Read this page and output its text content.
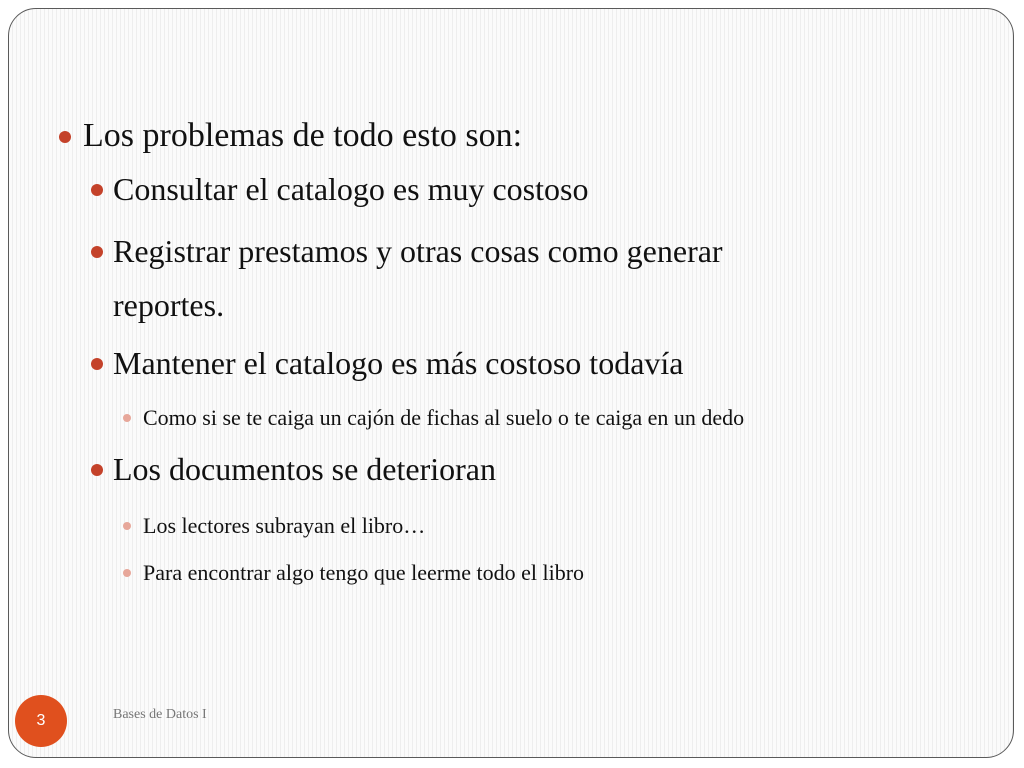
Los problemas de todo esto son:
Consultar el catalogo es muy costoso
Registrar prestamos y otras cosas como generar
reportes.
Mantener el catalogo es más costoso todavía
Como si se te caiga un cajón de fichas al suelo o te caiga en un dedo
Los documentos se deterioran
Los lectores subrayan el libro…
Para encontrar algo tengo que leerme todo el libro
3	Bases de Datos I
